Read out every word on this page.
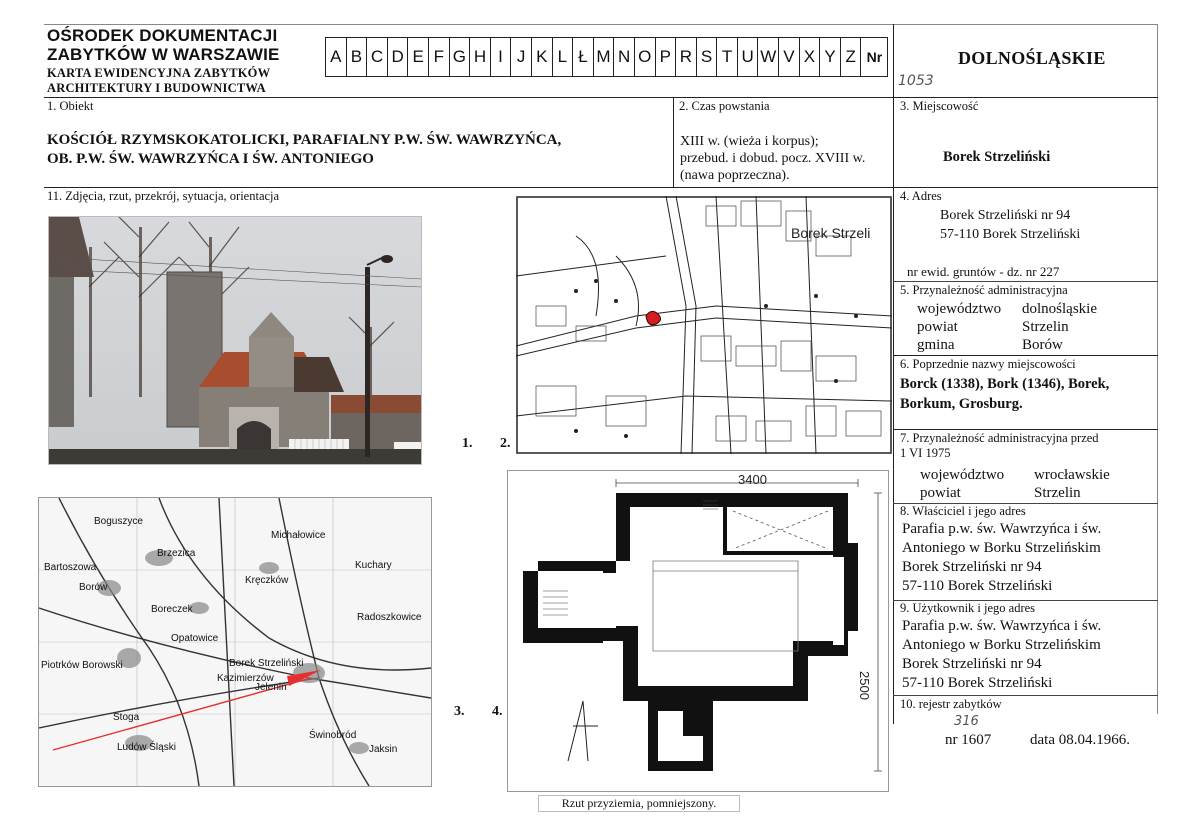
OŚRODEK DOKUMENTACJI
ZABYTKÓW W WARSZAWIE
KARTA EWIDENCYJNA ZABYTKÓW
ARCHITEKTURY I BUDOWNICTWA
A B C D E F G H I J K L Ł M N O P R S T U W V X Y Z Nr	DOLNOŚLĄSKIE
1053
1. Obiekt
KOŚCIÓŁ RZYMSKOKATOLICKI, PARAFIALNY P.W. ŚW. WAWRZYŃCA,
OB. P.W. ŚW. WAWRZYŃCA I ŚW. ANTONIEGO
2. Czas powstania
XIII w. (wieża i korpus);
przebud. i dobud. pocz. XVIII w.
(nawa poprzeczna).
3. Miejscowość
Borek Strzeliński
11. Zdjęcia, rzut, przekrój, sytuacja, orientacja	4. Adres
Borek Strzeliński nr 94
57-110 Borek Strzeliński
nr ewid. gruntów - dz. nr 227
5. Przynależność administracyjna
województwo dolnośląskie
powiat	Strzelin
gmina	Borów
6. Poprzednie nazwy miejscowości
Borck (1338), Bork (1346), Borek,
Borkum, Grosburg.
7. Przynależność administracyjna przed
1 VI 1975
województwo wrocławskie
powiat	Strzelin
8. Właściciel i jego adres
Parafia p.w. św. Wawrzyńca i św.
Antoniego w Borku Strzelińskim
Borek Strzeliński nr 94
57-110 Borek Strzeliński
9. Użytkownik i jego adres
Parafia p.w. św. Wawrzyńca i św.
Antoniego w Borku Strzelińskim
Borek Strzeliński nr 94
57-110 Borek Strzeliński
10. rejestr zabytków
316
nr 1607	data 08.04.1966.
Borek Strzeli
1. 2.
Boguszyce
Brzezica
Bartoszowa
Borów
Boreczek
Opatowice
Piotrków Borowski
Kuchary
Kręczków
Michałowice
Radoszkowice
Borek Strzeliński
Kazimierzów
Jelenin
Stoga
Ludów Śląski
Świnobród
Jaksin
3. 4.
3400
2500
Rzut przyziemia, pomniejszony.
